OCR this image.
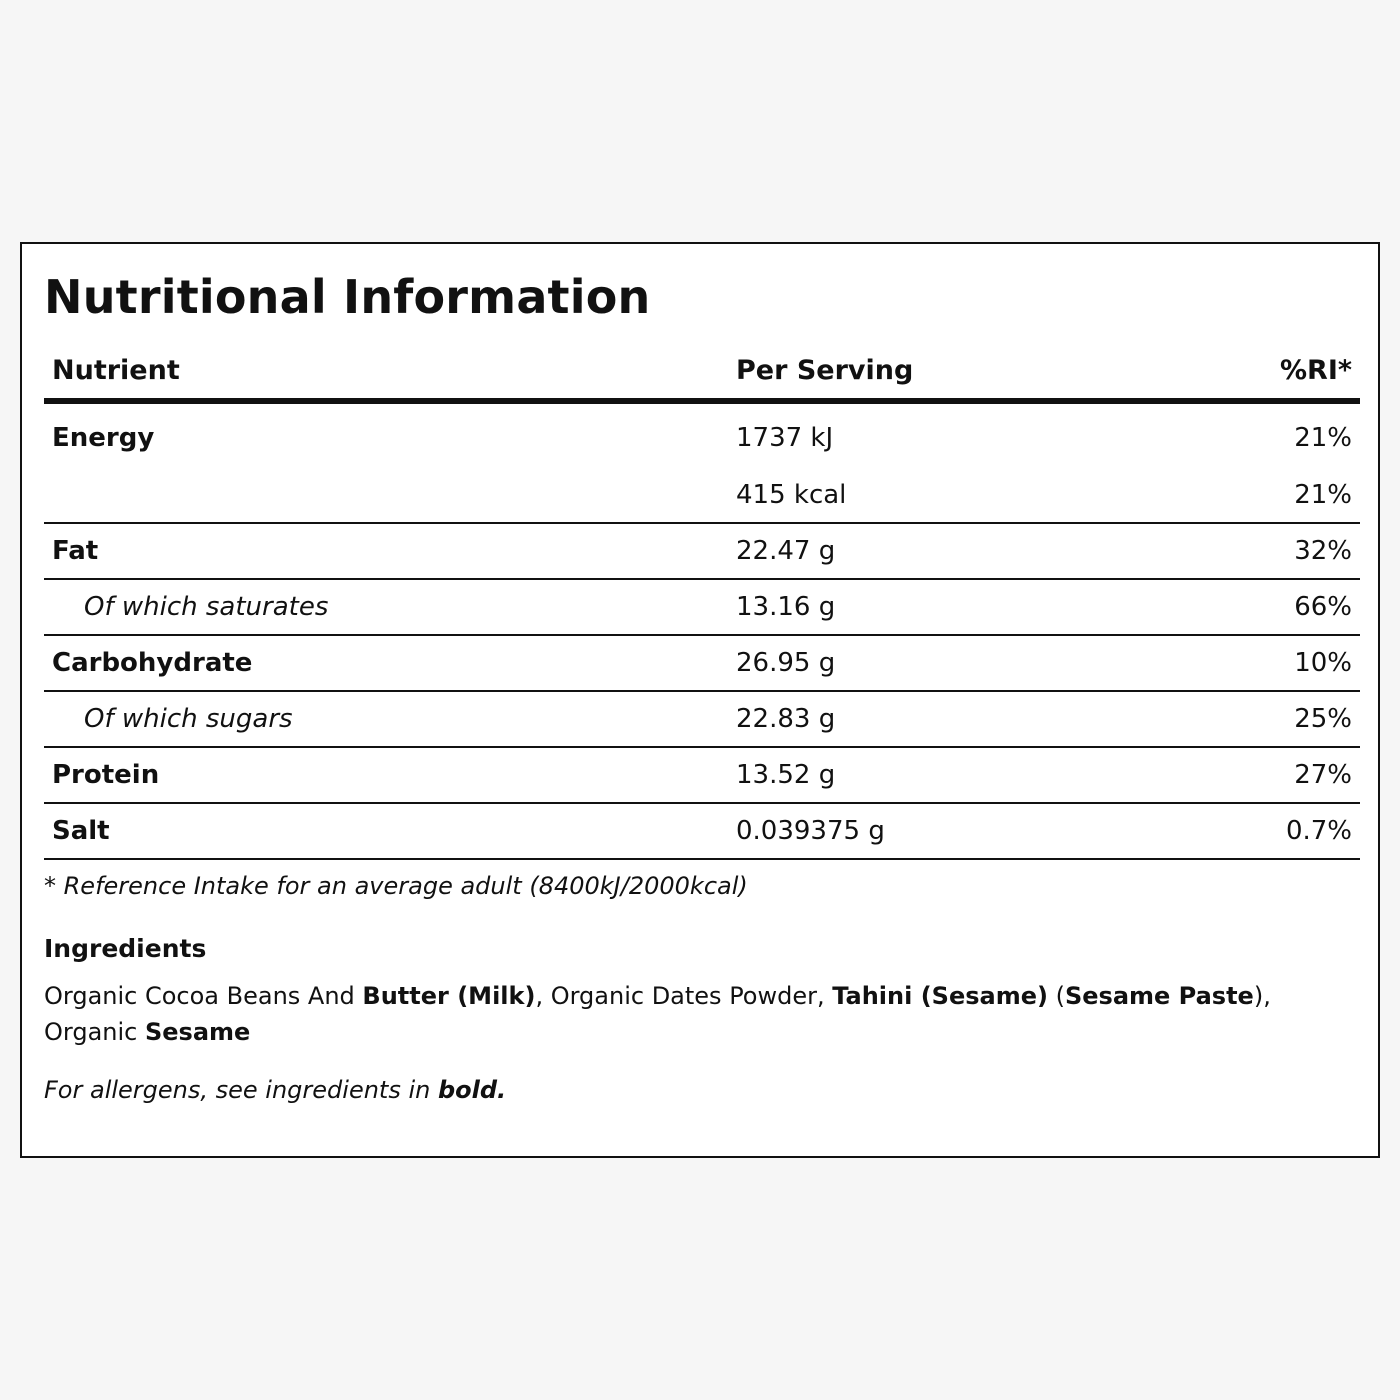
Nutritional Information
Nutrient	Per Serving	%RI*
Energy	1737 kJ	21%
	415 kcal	21%
Fat	22.47 g	32%
Of which saturates	13.16 g	66%
Carbohydrate	26.95 g	10%
Of which sugars	22.83 g	25%
Protein	13.52 g	27%
Salt	0.039375 g	0.7%

* Reference Intake for an average adult (8400kJ/2000kcal)

Ingredients

Organic Cocoa Beans And Butter (Milk), Organic Dates Powder, Tahini (Sesame) (Sesame Paste), Organic Sesame

For allergens, see ingredients in bold.
